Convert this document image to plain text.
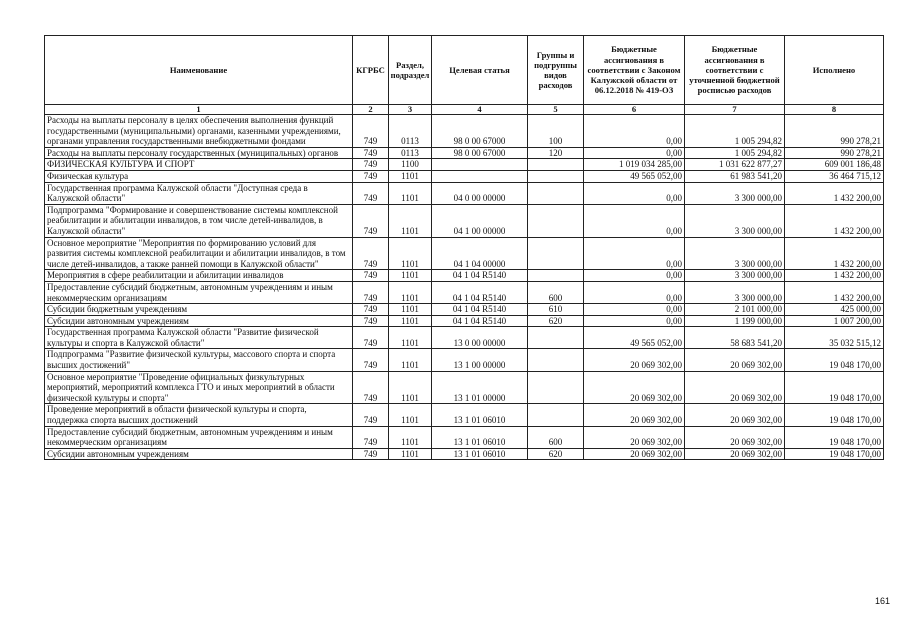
Наименование	КГРБС	Раздел, подраздел	Целевая статья	Группы и подгруппы видов расходов	Бюджетные ассигнования в соответствии с Законом Калужской области от 06.12.2018 № 419-ОЗ	Бюджетные ассигнования в соответствии с уточненной бюджетной росписью расходов	Исполнено
1	2	3	4	5	6	7	8
Расходы на выплаты персоналу в целях обеспечения выполнения функций государственными (муниципальными) органами, казенными учреждениями, органами управления государственными внебюджетными фондами	749	0113	98 0 00 67000	100	0,00	1 005 294,82	990 278,21
Расходы на выплаты персоналу государственных (муниципальных) органов	749	0113	98 0 00 67000	120	0,00	1 005 294,82	990 278,21
ФИЗИЧЕСКАЯ КУЛЬТУРА И СПОРТ	749	1100			1 019 034 285,00	1 031 622 877,27	609 001 186,48
Физическая культура	749	1101			49 565 052,00	61 983 541,20	36 464 715,12
Государственная программа Калужской области "Доступная среда в Калужской области"	749	1101	04 0 00 00000		0,00	3 300 000,00	1 432 200,00
Подпрограмма "Формирование и совершенствование системы комплексной реабилитации и абилитации инвалидов, в том числе детей-инвалидов, в Калужской области"	749	1101	04 1 00 00000		0,00	3 300 000,00	1 432 200,00
Основное мероприятие "Мероприятия по формированию условий для развития системы комплексной реабилитации и абилитации инвалидов, в том числе детей-инвалидов, а также ранней помощи в Калужской области"	749	1101	04 1 04 00000		0,00	3 300 000,00	1 432 200,00
Мероприятия в сфере реабилитации и абилитации инвалидов	749	1101	04 1 04 R5140		0,00	3 300 000,00	1 432 200,00
Предоставление субсидий бюджетным, автономным учреждениям и иным некоммерческим организациям	749	1101	04 1 04 R5140	600	0,00	3 300 000,00	1 432 200,00
Субсидии бюджетным учреждениям	749	1101	04 1 04 R5140	610	0,00	2 101 000,00	425 000,00
Субсидии автономным учреждениям	749	1101	04 1 04 R5140	620	0,00	1 199 000,00	1 007 200,00
Государственная программа Калужской области "Развитие физической культуры и спорта в Калужской области"	749	1101	13 0 00 00000		49 565 052,00	58 683 541,20	35 032 515,12
Подпрограмма "Развитие физической культуры, массового спорта и спорта высших достижений"	749	1101	13 1 00 00000		20 069 302,00	20 069 302,00	19 048 170,00
Основное мероприятие "Проведение официальных физкультурных мероприятий, мероприятий комплекса ГТО и иных мероприятий в области физической культуры и спорта"	749	1101	13 1 01 00000		20 069 302,00	20 069 302,00	19 048 170,00
Проведение мероприятий в области физической культуры и спорта, поддержка спорта высших достижений	749	1101	13 1 01 06010		20 069 302,00	20 069 302,00	19 048 170,00
Предоставление субсидий бюджетным, автономным учреждениям и иным некоммерческим организациям	749	1101	13 1 01 06010	600	20 069 302,00	20 069 302,00	19 048 170,00
Субсидии автономным учреждениям	749	1101	13 1 01 06010	620	20 069 302,00	20 069 302,00	19 048 170,00
161
